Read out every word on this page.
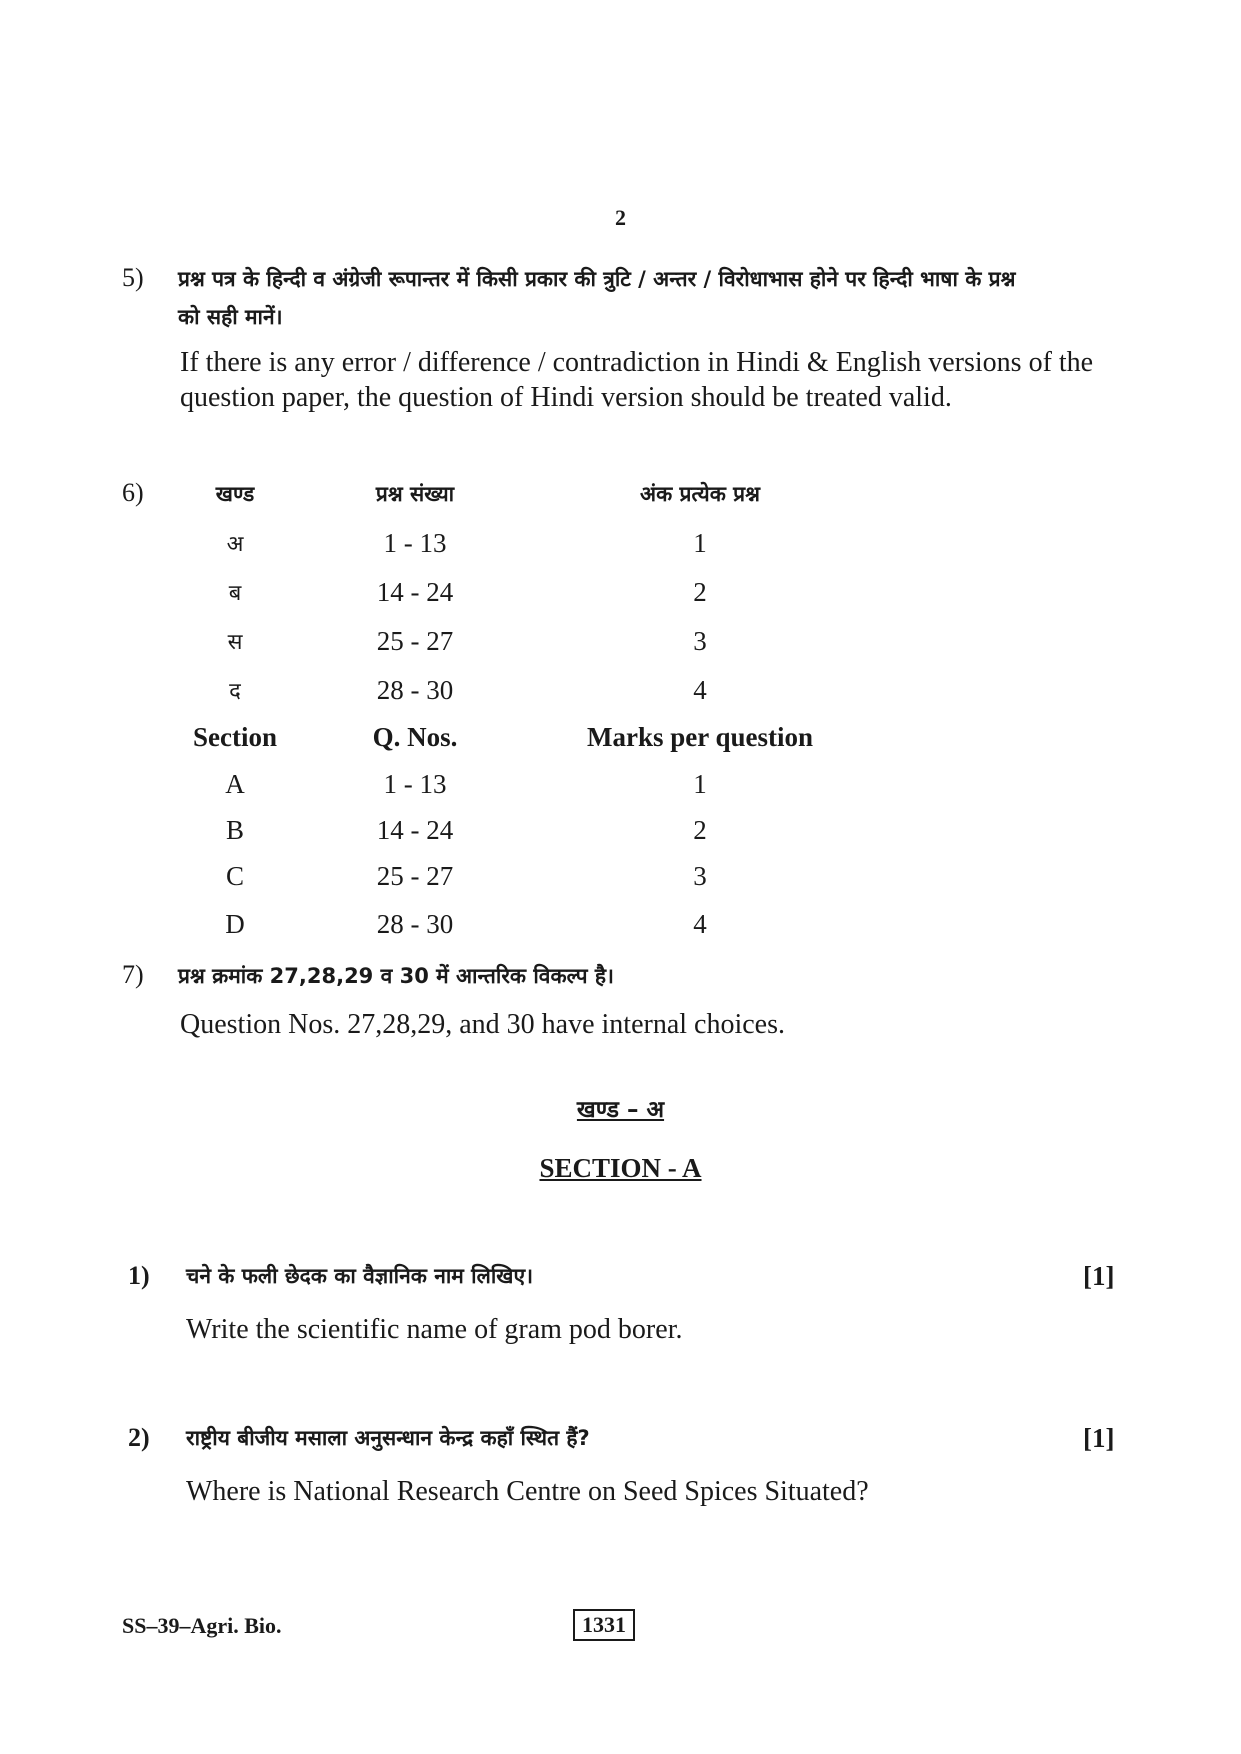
2
5) प्रश्न पत्र के हिन्दी व अंग्रेजी रूपान्तर में किसी प्रकार की त्रुटि / अन्तर / विरोधाभास होने पर हिन्दी भाषा के प्रश्न
को सही मानें।
If there is any error / difference / contradiction in Hindi & English versions of the
question paper, the question of Hindi version should be treated valid.
6)	खण्ड	प्रश्न संख्या	अंक प्रत्येक प्रश्न
अ	1 - 13	1
ब	14 - 24	2
स	25 - 27	3
द	28 - 30	4
Section	Q. Nos.	Marks per question
A	1 - 13	1
B	14 - 24	2
C	25 - 27	3
D	28 - 30	4
7) प्रश्न क्रमांक 27,28,29 व 30 में आन्तरिक विकल्प है।
Question Nos. 27,28,29, and 30 have internal choices.
खण्ड – अ
SECTION - A
1) चने के फली छेदक का वैज्ञानिक नाम लिखिए।	[1]
Write the scientific name of gram pod borer.
2) राष्ट्रीय बीजीय मसाला अनुसन्धान केन्द्र कहाँ स्थित हैं?	[1]
Where is National Research Centre on Seed Spices Situated?
SS–39–Agri. Bio.	1331
